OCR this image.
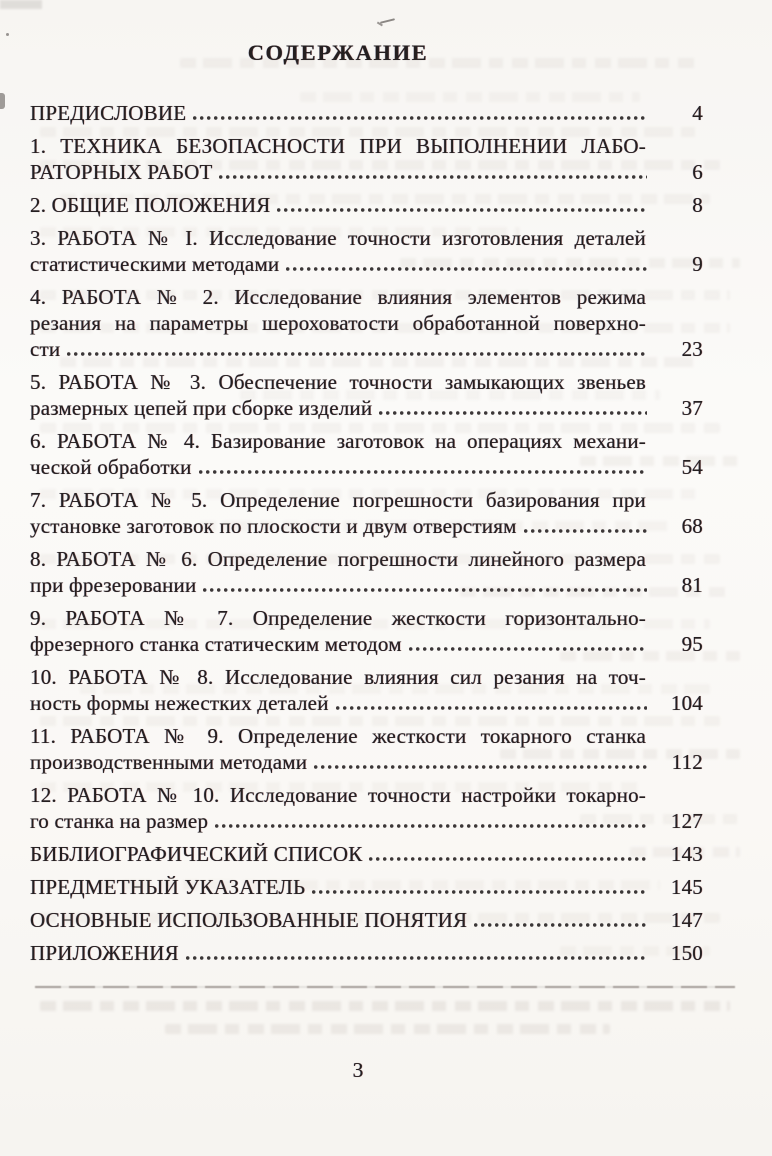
СОДЕРЖАНИЕ
ПРЕДИСЛОВИЕ	4
1. ТЕХНИКА БЕЗОПАСНОСТИ ПРИ ВЫПОЛНЕНИИ ЛАБО-
РАТОРНЫХ РАБОТ	6
2. ОБЩИЕ ПОЛОЖЕНИЯ	8
3. РАБОТА № I. Исследование точности изготовления деталей
статистическими методами	9
4. РАБОТА № 2. Исследование влияния элементов режима
резания на параметры шероховатости обработанной поверхно-
сти	23
5. РАБОТА № 3. Обеспечение точности замыкающих звеньев
размерных цепей при сборке изделий	37
6. РАБОТА № 4. Базирование заготовок на операциях механи-
ческой обработки	54
7. РАБОТА № 5. Определение погрешности базирования при
установке заготовок по плоскости и двум отверстиям	68
8. РАБОТА № 6. Определение погрешности линейного размера
при фрезеровании	81
9. РАБОТА № 7. Определение жесткости горизонтально-
фрезерного станка статическим методом	95
10. РАБОТА № 8. Исследование влияния сил резания на точ-
ность формы нежестких деталей	104
11. РАБОТА № 9. Определение жесткости токарного станка
производственными методами	112
12. РАБОТА № 10. Исследование точности настройки токарно-
го станка на размер	127
БИБЛИОГРАФИЧЕСКИЙ СПИСОК	143
ПРЕДМЕТНЫЙ УКАЗАТЕЛЬ	145
ОСНОВНЫЕ ИСПОЛЬЗОВАННЫЕ ПОНЯТИЯ	147
ПРИЛОЖЕНИЯ	150
3
